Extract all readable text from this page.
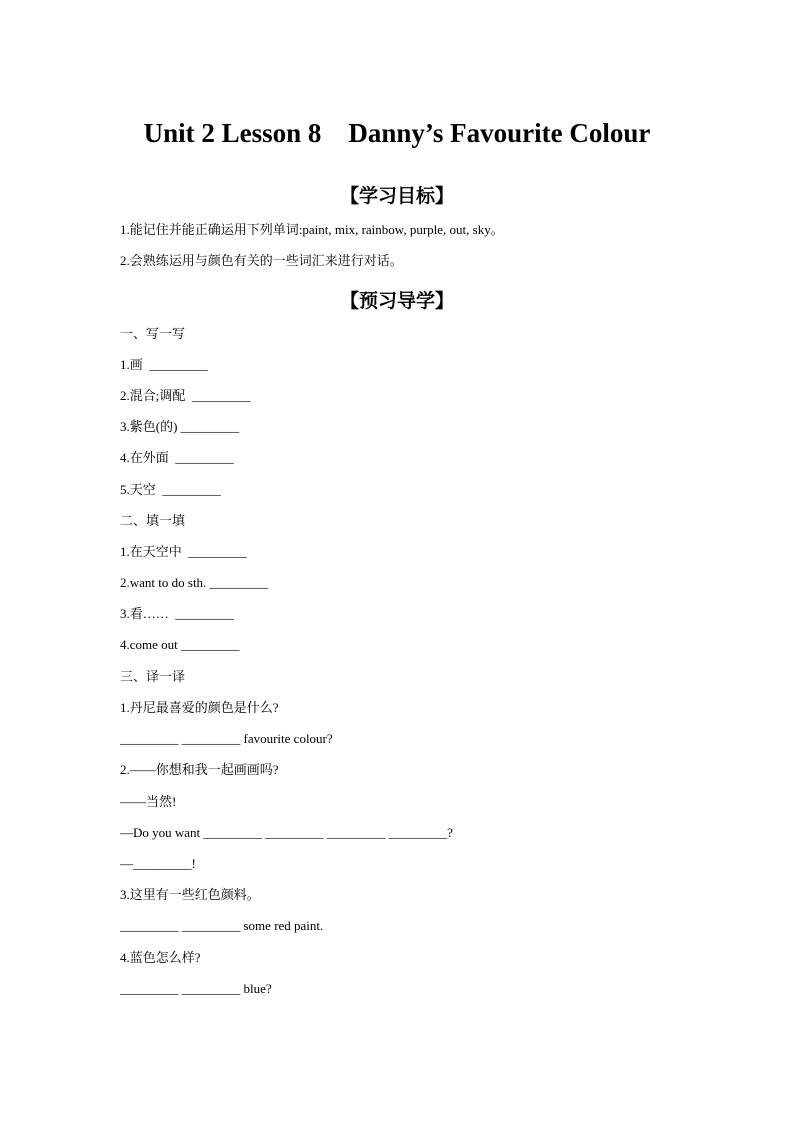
Unit 2 Lesson 8    Danny’s Favourite Colour
【学习目标】
1.能记住并能正确运用下列单词:paint, mix, rainbow, purple, out, sky。
2.会熟练运用与颜色有关的一些词汇来进行对话。
【预习导学】
一、写一写
1.画  _________
2.混合;调配  _________
3.紫色(的) _________
4.在外面  _________
5.天空  _________
二、填一填
1.在天空中  _________
2.want to do sth. _________
3.看……  _________
4.come out _________
三、译一译
1.丹尼最喜爱的颜色是什么?
_________ _________ favourite colour?
2.——你想和我一起画画吗?
——当然!
—Do you want _________ _________ _________ _________?
—_________!
3.这里有一些红色颜料。
_________ _________ some red paint.
4.蓝色怎么样?
_________ _________ blue?
